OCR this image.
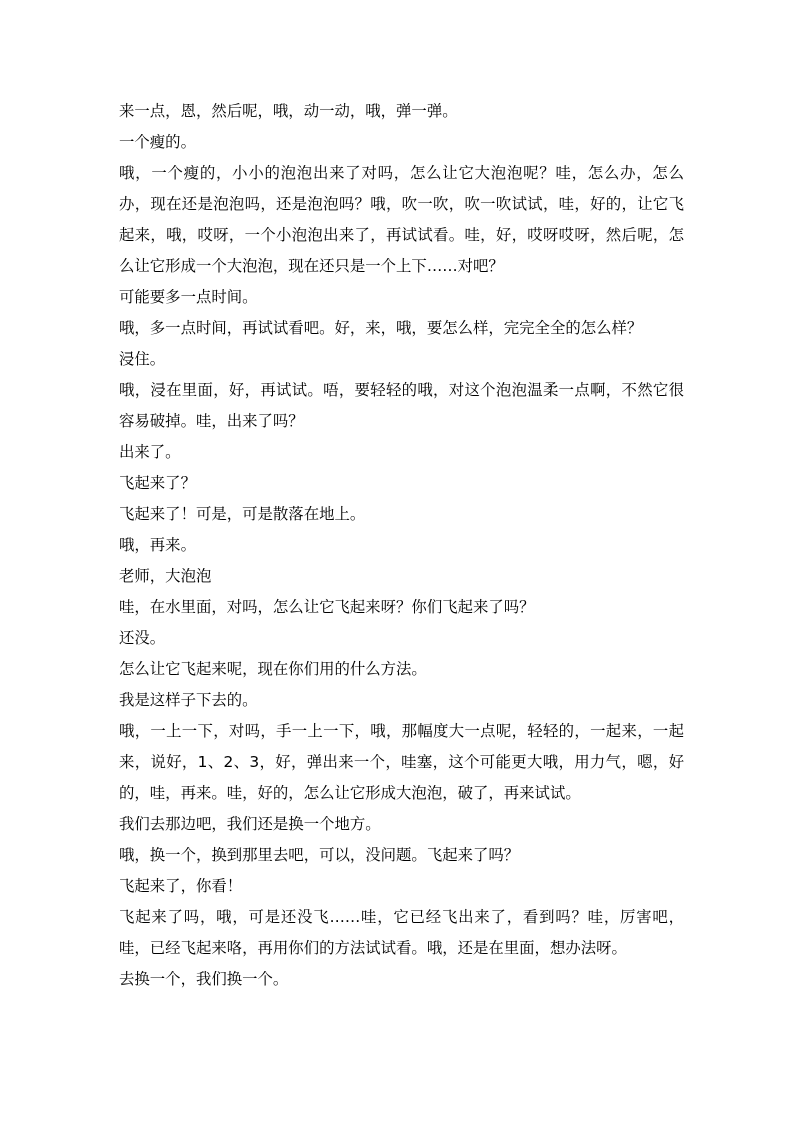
来一点，恩，然后呢，哦，动一动，哦，弹一弹。

一个瘦的。

哦，一个瘦的，小小的泡泡出来了对吗，怎么让它大泡泡呢？哇，怎么办，怎么办，现在还是泡泡吗，还是泡泡吗？哦，吹一吹，吹一吹试试，哇，好的，让它飞起来，哦，哎呀，一个小泡泡出来了，再试试看。哇，好，哎呀哎呀，然后呢，怎么让它形成一个大泡泡，现在还只是一个上下……对吧？

可能要多一点时间。

哦，多一点时间，再试试看吧。好，来，哦，要怎么样，完完全全的怎么样？

浸住。

哦，浸在里面，好，再试试。唔，要轻轻的哦，对这个泡泡温柔一点啊，不然它很容易破掉。哇，出来了吗？

出来了。

飞起来了？

飞起来了！可是，可是散落在地上。

哦，再来。

老师，大泡泡

哇，在水里面，对吗，怎么让它飞起来呀？你们飞起来了吗？

还没。

怎么让它飞起来呢，现在你们用的什么方法。

我是这样子下去的。

哦，一上一下，对吗，手一上一下，哦，那幅度大一点呢，轻轻的，一起来，一起来，说好，1、2、3，好，弹出来一个，哇塞，这个可能更大哦，用力气，嗯，好的，哇，再来。哇，好的，怎么让它形成大泡泡，破了，再来试试。

我们去那边吧，我们还是换一个地方。

哦，换一个，换到那里去吧，可以，没问题。飞起来了吗？

飞起来了，你看！

飞起来了吗，哦，可是还没飞……哇，它已经飞出来了，看到吗？哇，厉害吧，哇，已经飞起来咯，再用你们的方法试试看。哦，还是在里面，想办法呀。

去换一个，我们换一个。
